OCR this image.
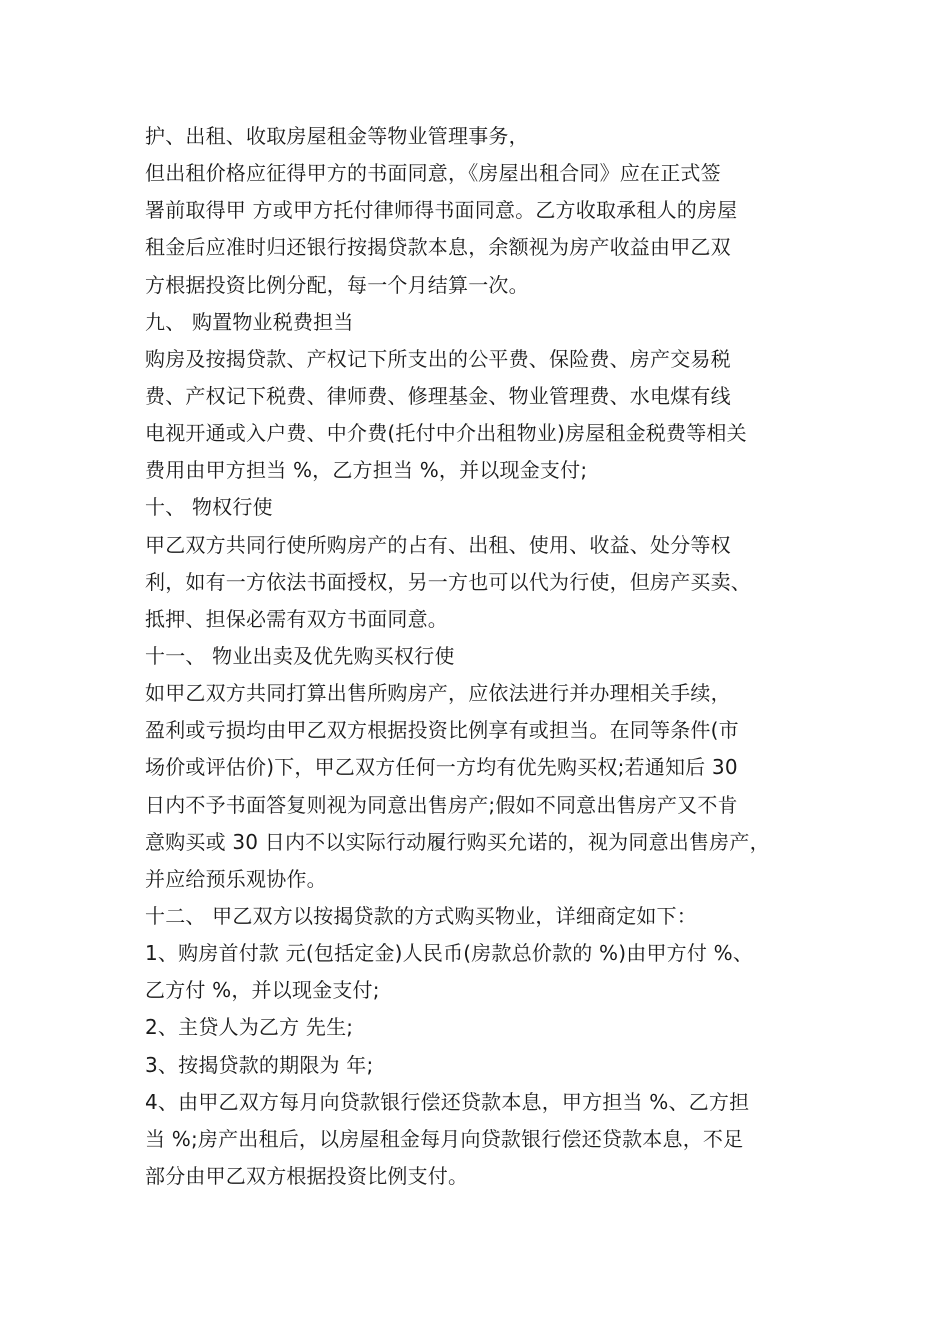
护、出租、收取房屋租金等物业管理事务，
但出租价格应征得甲方的书面同意，《房屋出租合同》应在正式签
署前取得甲 方或甲方托付律师得书面同意。乙方收取承租人的房屋
租金后应准时归还银行按揭贷款本息，余额视为房产收益由甲乙双
方根据投资比例分配，每一个月结算一次。
九、 购置物业税费担当
购房及按揭贷款、产权记下所支出的公平费、保险费、房产交易税
费、产权记下税费、律师费、修理基金、物业管理费、水电煤有线
电视开通或入户费、中介费(托付中介出租物业)房屋租金税费等相关
费用由甲方担当 %，乙方担当 %，并以现金支付;
十、 物权行使
甲乙双方共同行使所购房产的占有、出租、使用、收益、处分等权
利，如有一方依法书面授权，另一方也可以代为行使，但房产买卖、
抵押、担保必需有双方书面同意。
十一、 物业出卖及优先购买权行使
如甲乙双方共同打算出售所购房产，应依法进行并办理相关手续，
盈利或亏损均由甲乙双方根据投资比例享有或担当。在同等条件(市
场价或评估价)下，甲乙双方任何一方均有优先购买权;若通知后 30
日内不予书面答复则视为同意出售房产;假如不同意出售房产又不肯
意购买或 30 日内不以实际行动履行购买允诺的，视为同意出售房产，
并应给预乐观协作。
十二、 甲乙双方以按揭贷款的方式购买物业，详细商定如下：
1、购房首付款 元(包括定金)人民币(房款总价款的 %)由甲方付 %、
乙方付 %，并以现金支付;
2、主贷人为乙方 先生;
3、按揭贷款的期限为 年;
4、由甲乙双方每月向贷款银行偿还贷款本息，甲方担当 %、乙方担
当 %;房产出租后，以房屋租金每月向贷款银行偿还贷款本息，不足
部分由甲乙双方根据投资比例支付。
